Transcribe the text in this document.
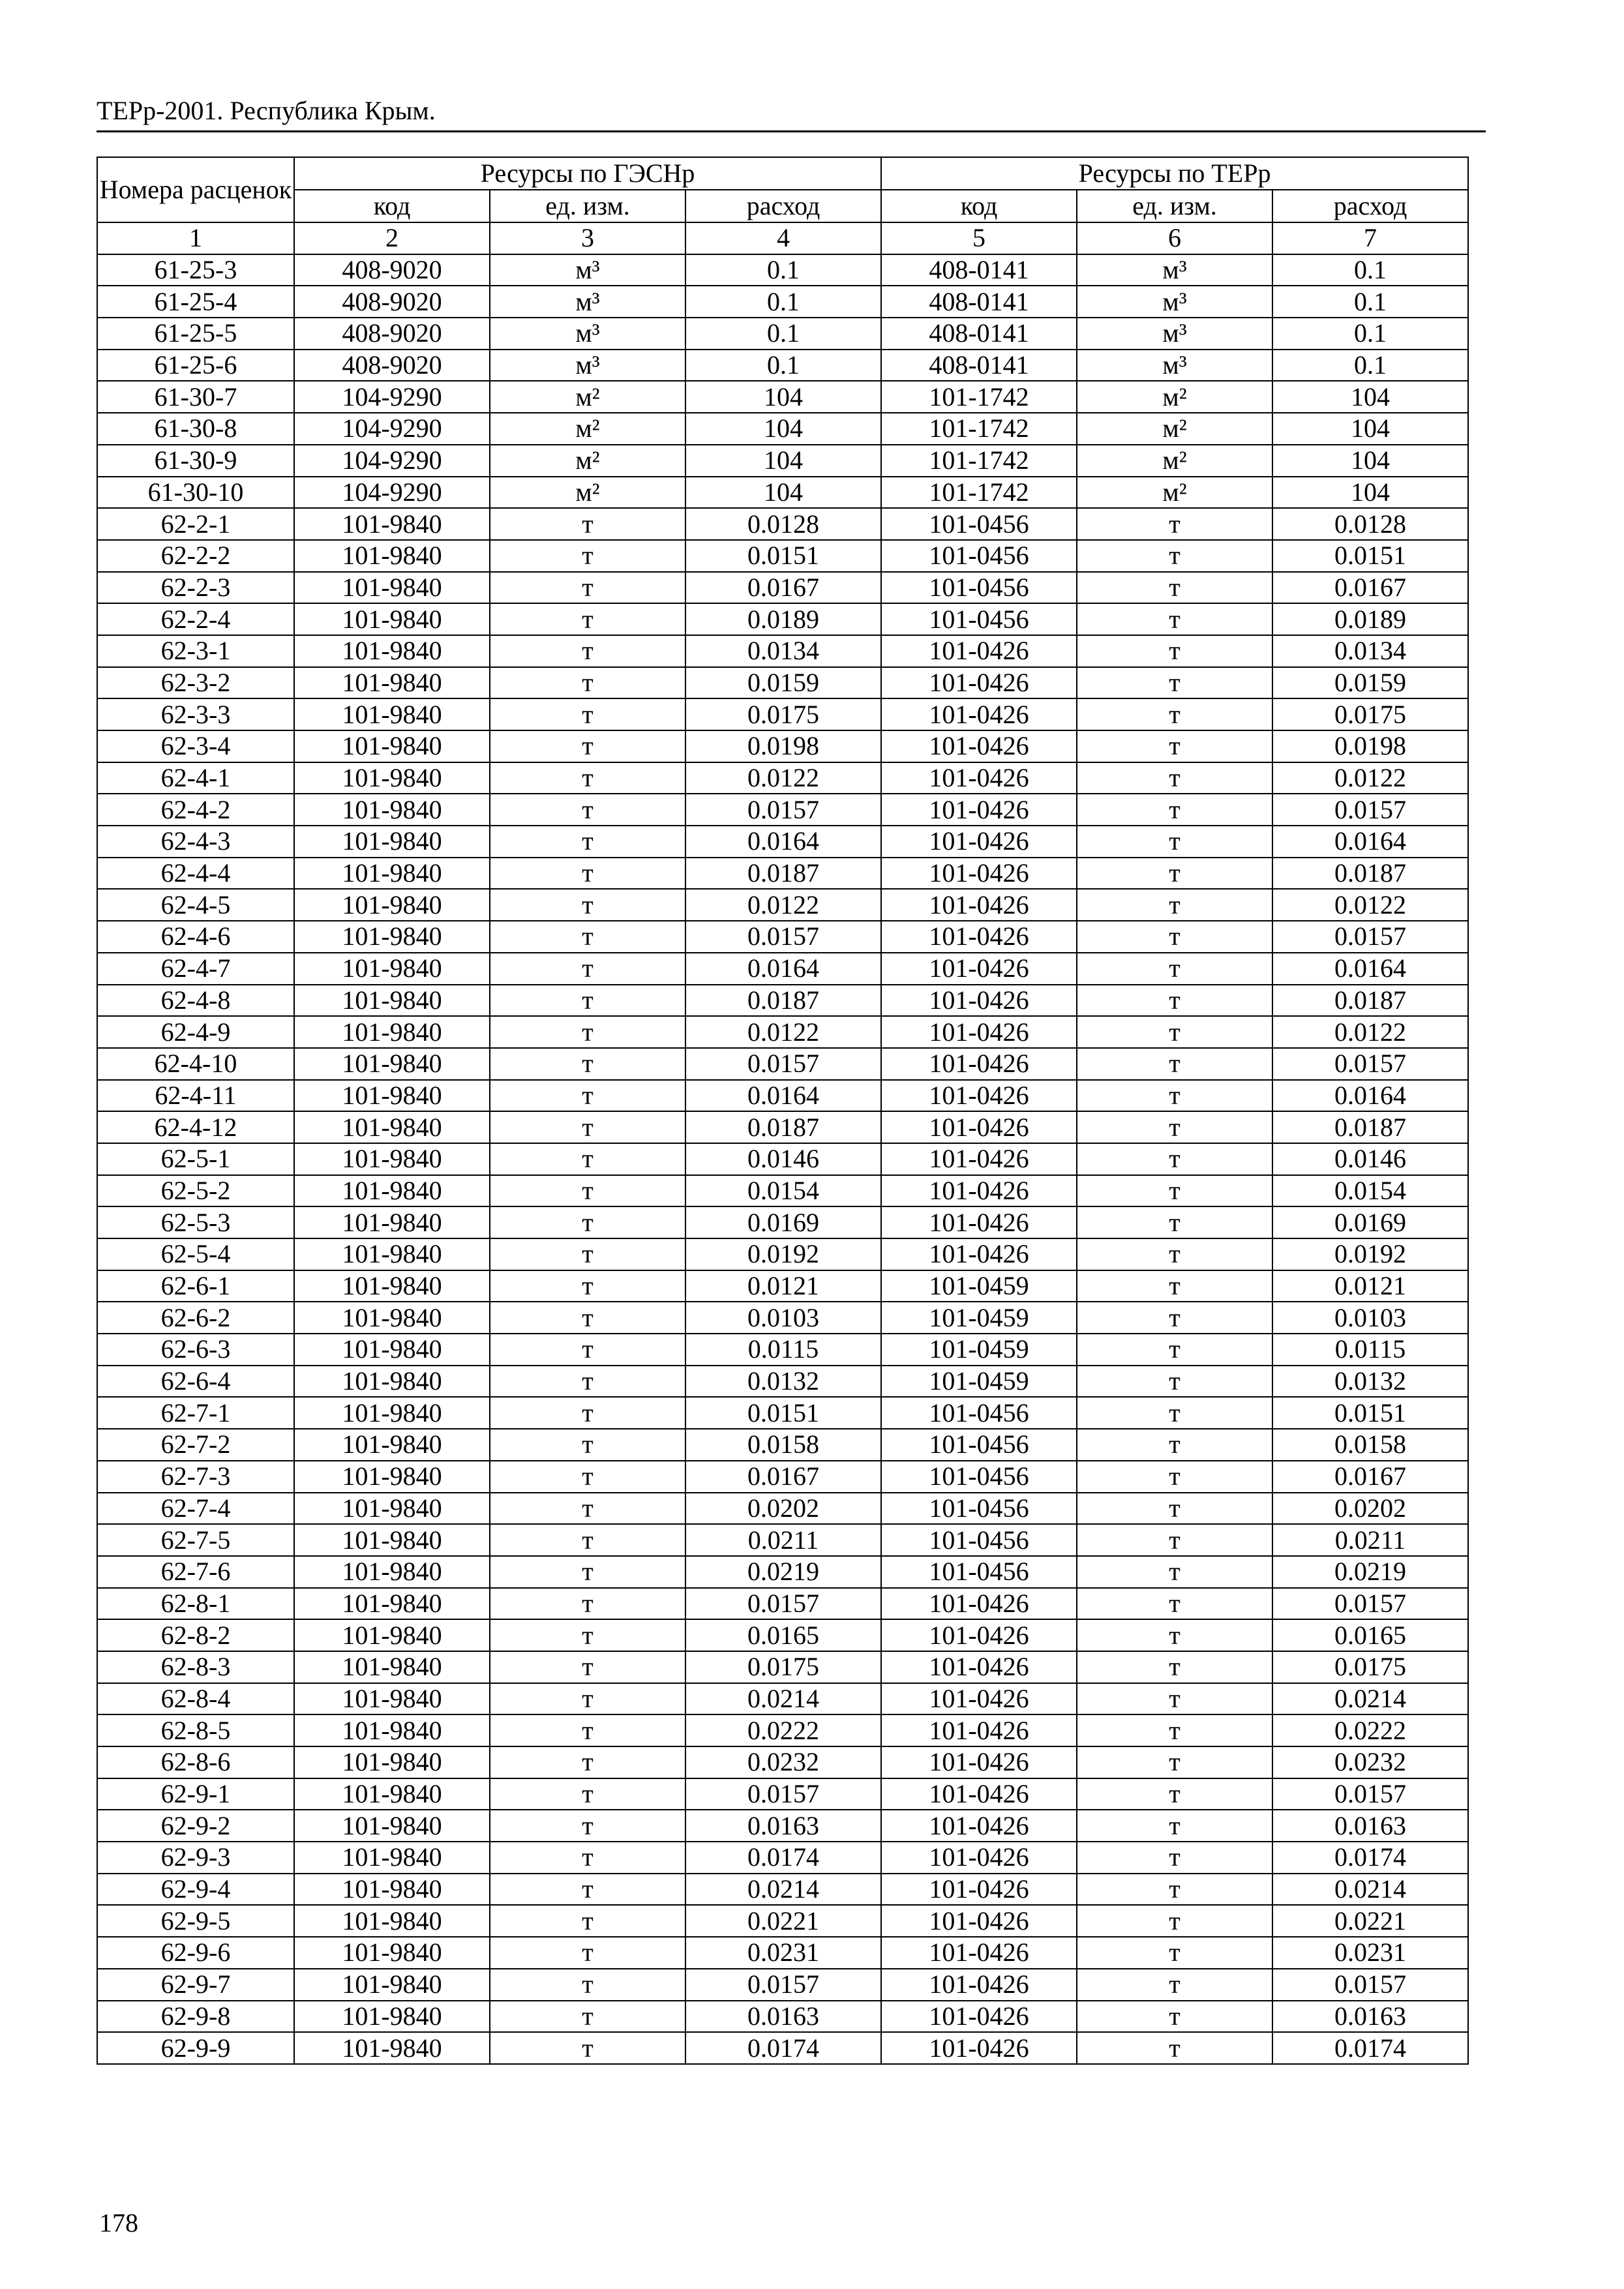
ТЕРр-2001. Республика Крым.
Номера расценок	Ресурсы по ГЭСНр			Ресурсы по ТЕРр		
	код	ед. изм.	расход	код	ед. изм.	расход
1	2	3	4	5	6	7
61-25-3	408-9020	м³	0.1	408-0141	м³	0.1
61-25-4	408-9020	м³	0.1	408-0141	м³	0.1
61-25-5	408-9020	м³	0.1	408-0141	м³	0.1
61-25-6	408-9020	м³	0.1	408-0141	м³	0.1
61-30-7	104-9290	м²	104	101-1742	м²	104
61-30-8	104-9290	м²	104	101-1742	м²	104
61-30-9	104-9290	м²	104	101-1742	м²	104
61-30-10	104-9290	м²	104	101-1742	м²	104
62-2-1	101-9840	т	0.0128	101-0456	т	0.0128
62-2-2	101-9840	т	0.0151	101-0456	т	0.0151
62-2-3	101-9840	т	0.0167	101-0456	т	0.0167
62-2-4	101-9840	т	0.0189	101-0456	т	0.0189
62-3-1	101-9840	т	0.0134	101-0426	т	0.0134
62-3-2	101-9840	т	0.0159	101-0426	т	0.0159
62-3-3	101-9840	т	0.0175	101-0426	т	0.0175
62-3-4	101-9840	т	0.0198	101-0426	т	0.0198
62-4-1	101-9840	т	0.0122	101-0426	т	0.0122
62-4-2	101-9840	т	0.0157	101-0426	т	0.0157
62-4-3	101-9840	т	0.0164	101-0426	т	0.0164
62-4-4	101-9840	т	0.0187	101-0426	т	0.0187
62-4-5	101-9840	т	0.0122	101-0426	т	0.0122
62-4-6	101-9840	т	0.0157	101-0426	т	0.0157
62-4-7	101-9840	т	0.0164	101-0426	т	0.0164
62-4-8	101-9840	т	0.0187	101-0426	т	0.0187
62-4-9	101-9840	т	0.0122	101-0426	т	0.0122
62-4-10	101-9840	т	0.0157	101-0426	т	0.0157
62-4-11	101-9840	т	0.0164	101-0426	т	0.0164
62-4-12	101-9840	т	0.0187	101-0426	т	0.0187
62-5-1	101-9840	т	0.0146	101-0426	т	0.0146
62-5-2	101-9840	т	0.0154	101-0426	т	0.0154
62-5-3	101-9840	т	0.0169	101-0426	т	0.0169
62-5-4	101-9840	т	0.0192	101-0426	т	0.0192
62-6-1	101-9840	т	0.0121	101-0459	т	0.0121
62-6-2	101-9840	т	0.0103	101-0459	т	0.0103
62-6-3	101-9840	т	0.0115	101-0459	т	0.0115
62-6-4	101-9840	т	0.0132	101-0459	т	0.0132
62-7-1	101-9840	т	0.0151	101-0456	т	0.0151
62-7-2	101-9840	т	0.0158	101-0456	т	0.0158
62-7-3	101-9840	т	0.0167	101-0456	т	0.0167
62-7-4	101-9840	т	0.0202	101-0456	т	0.0202
62-7-5	101-9840	т	0.0211	101-0456	т	0.0211
62-7-6	101-9840	т	0.0219	101-0456	т	0.0219
62-8-1	101-9840	т	0.0157	101-0426	т	0.0157
62-8-2	101-9840	т	0.0165	101-0426	т	0.0165
62-8-3	101-9840	т	0.0175	101-0426	т	0.0175
62-8-4	101-9840	т	0.0214	101-0426	т	0.0214
62-8-5	101-9840	т	0.0222	101-0426	т	0.0222
62-8-6	101-9840	т	0.0232	101-0426	т	0.0232
62-9-1	101-9840	т	0.0157	101-0426	т	0.0157
62-9-2	101-9840	т	0.0163	101-0426	т	0.0163
62-9-3	101-9840	т	0.0174	101-0426	т	0.0174
62-9-4	101-9840	т	0.0214	101-0426	т	0.0214
62-9-5	101-9840	т	0.0221	101-0426	т	0.0221
62-9-6	101-9840	т	0.0231	101-0426	т	0.0231
62-9-7	101-9840	т	0.0157	101-0426	т	0.0157
62-9-8	101-9840	т	0.0163	101-0426	т	0.0163
62-9-9	101-9840	т	0.0174	101-0426	т	0.0174
178
